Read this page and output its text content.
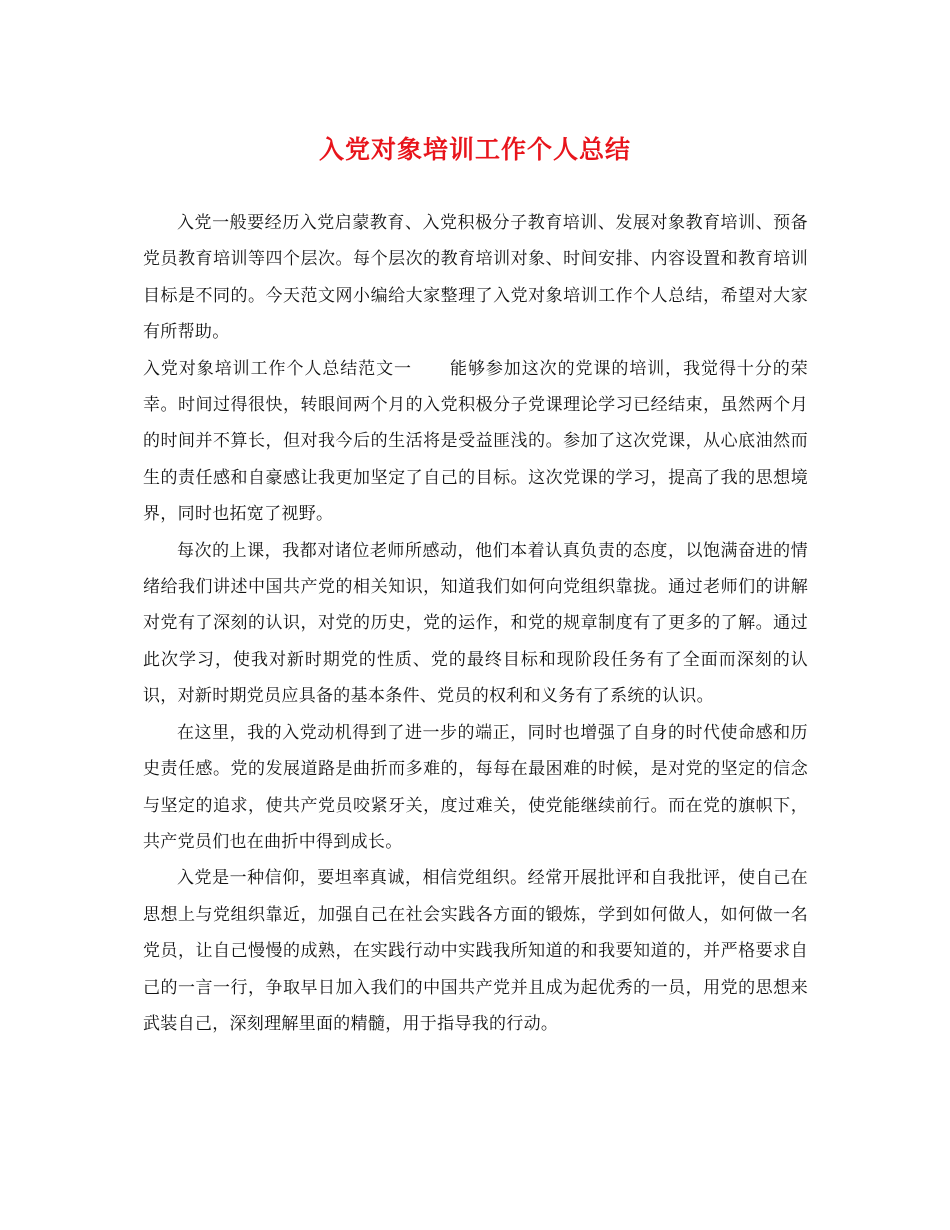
入党对象培训工作个人总结

入党一般要经历入党启蒙教育、入党积极分子教育培训、发展对象教育培训、预备党员教育培训等四个层次。每个层次的教育培训对象、时间安排、内容设置和教育培训目标是不同的。今天范文网小编给大家整理了入党对象培训工作个人总结，希望对大家有所帮助。

入党对象培训工作个人总结范文一 能够参加这次的党课的培训，我觉得十分的荣幸。时间过得很快，转眼间两个月的入党积极分子党课理论学习已经结束，虽然两个月的时间并不算长，但对我今后的生活将是受益匪浅的。参加了这次党课，从心底油然而生的责任感和自豪感让我更加坚定了自己的目标。这次党课的学习，提高了我的思想境界，同时也拓宽了视野。

每次的上课，我都对诸位老师所感动，他们本着认真负责的态度，以饱满奋进的情绪给我们讲述中国共产党的相关知识，知道我们如何向党组织靠拢。通过老师们的讲解对党有了深刻的认识，对党的历史，党的运作，和党的规章制度有了更多的了解。通过此次学习，使我对新时期党的性质、党的最终目标和现阶段任务有了全面而深刻的认识，对新时期党员应具备的基本条件、党员的权利和义务有了系统的认识。

在这里，我的入党动机得到了进一步的端正，同时也增强了自身的时代使命感和历史责任感。党的发展道路是曲折而多难的，每每在最困难的时候，是对党的坚定的信念与坚定的追求，使共产党员咬紧牙关，度过难关，使党能继续前行。而在党的旗帜下，共产党员们也在曲折中得到成长。

入党是一种信仰，要坦率真诚，相信党组织。经常开展批评和自我批评，使自己在思想上与党组织靠近，加强自己在社会实践各方面的锻炼，学到如何做人，如何做一名党员，让自己慢慢的成熟，在实践行动中实践我所知道的和我要知道的，并严格要求自己的一言一行，争取早日加入我们的中国共产党并且成为起优秀的一员，用党的思想来武装自己，深刻理解里面的精髓，用于指导我的行动。
